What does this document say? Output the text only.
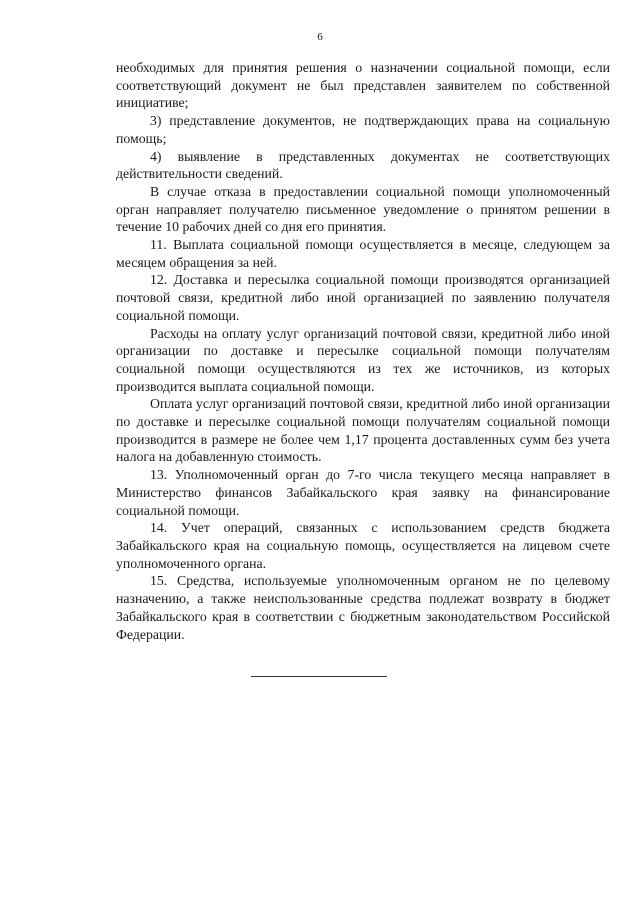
6

необходимых для принятия решения о назначении социальной помощи, если соответствующий документ не был представлен заявителем по собственной инициативе;

3) представление документов, не подтверждающих права на социальную помощь;

4) выявление в представленных документах не соответствующих действительности сведений.

В случае отказа в предоставлении социальной помощи уполномоченный орган направляет получателю письменное уведомление о принятом решении в течение 10 рабочих дней со дня его принятия.

11. Выплата социальной помощи осуществляется в месяце, следующем за месяцем обращения за ней.

12. Доставка и пересылка социальной помощи производятся организацией почтовой связи, кредитной либо иной организацией по заявлению получателя социальной помощи.

Расходы на оплату услуг организаций почтовой связи, кредитной либо иной организации по доставке и пересылке социальной помощи получателям социальной помощи осуществляются из тех же источников, из которых производится выплата социальной помощи.

Оплата услуг организаций почтовой связи, кредитной либо иной организации по доставке и пересылке социальной помощи получателям социальной помощи производится в размере не более чем 1,17 процента доставленных сумм без учета налога на добавленную стоимость.

13. Уполномоченный орган до 7-го числа текущего месяца направляет в Министерство финансов Забайкальского края заявку на финансирование социальной помощи.

14. Учет операций, связанных с использованием средств бюджета Забайкальского края на социальную помощь, осуществляется на лицевом счете уполномоченного органа.

15. Средства, используемые уполномоченным органом не по целевому назначению, а также неиспользованные средства подлежат возврату в бюджет Забайкальского края в соответствии с бюджетным законодательством Российской Федерации.
